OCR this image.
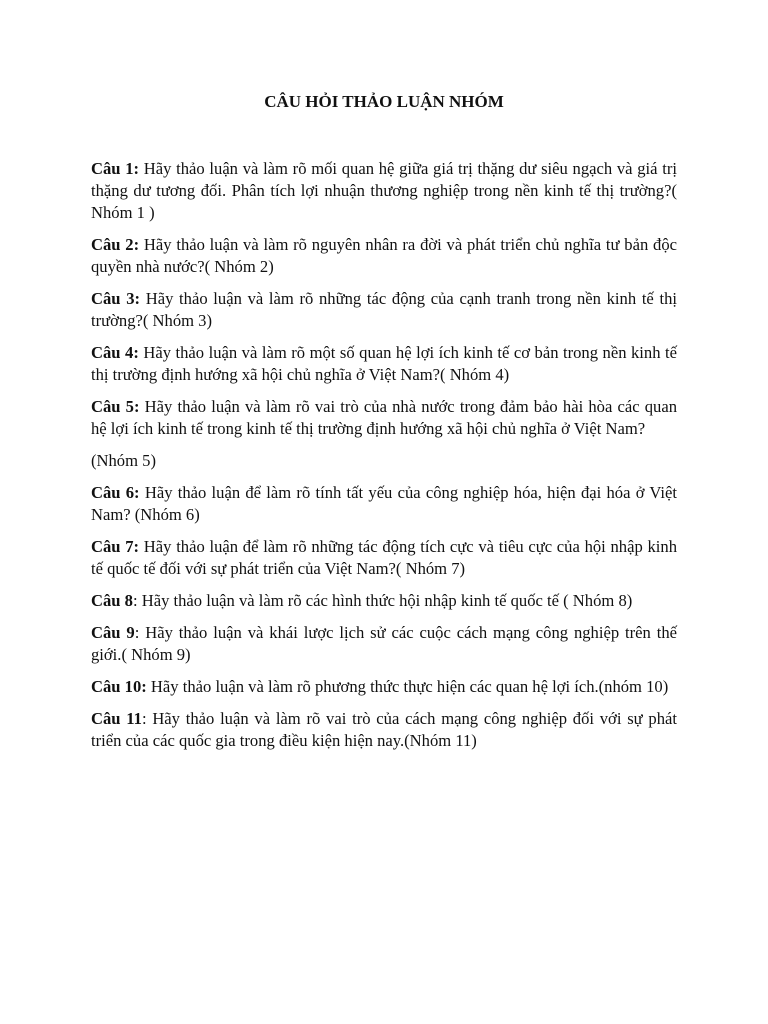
CÂU HỎI THẢO LUẬN NHÓM

Câu 1: Hãy thảo luận và làm rõ mối quan hệ giữa giá trị thặng dư siêu ngạch và giá trị thặng dư tương đối. Phân tích lợi nhuận thương nghiệp trong nền kinh tế thị trường?( Nhóm 1 )

Câu 2: Hãy thảo luận và làm rõ nguyên nhân ra đời và phát triển chủ nghĩa tư bản độc quyền nhà nước?( Nhóm 2)

Câu 3: Hãy thảo luận và làm rõ những tác động của cạnh tranh trong nền kinh tế thị trường?( Nhóm 3)

Câu 4: Hãy thảo luận và làm rõ một số quan hệ lợi ích kinh tế cơ bản trong nền kinh tế thị trường định hướng xã hội chủ nghĩa ở Việt Nam?( Nhóm 4)

Câu 5: Hãy thảo luận và làm rõ vai trò của nhà nước trong đảm bảo hài hòa các quan hệ lợi ích kinh tế trong kinh tế thị trường định hướng xã hội chủ nghĩa ở Việt Nam?

(Nhóm 5)

Câu 6: Hãy thảo luận để làm rõ tính tất yếu của công nghiệp hóa, hiện đại hóa ở Việt Nam? (Nhóm 6)

Câu 7: Hãy thảo luận để làm rõ những tác động tích cực và tiêu cực của hội nhập kinh tế quốc tế đối với sự phát triển của Việt Nam?( Nhóm 7)

Câu 8: Hãy thảo luận và làm rõ các hình thức hội nhập kinh tế quốc tế ( Nhóm 8)

Câu 9: Hãy thảo luận và khái lược lịch sử các cuộc cách mạng công nghiệp trên thế giới.( Nhóm 9)

Câu 10: Hãy thảo luận và làm rõ phương thức thực hiện các quan hệ lợi ích.(nhóm 10)

Câu 11: Hãy thảo luận và làm rõ vai trò của cách mạng công nghiệp đối với sự phát triển của các quốc gia trong điều kiện hiện nay.(Nhóm 11)
